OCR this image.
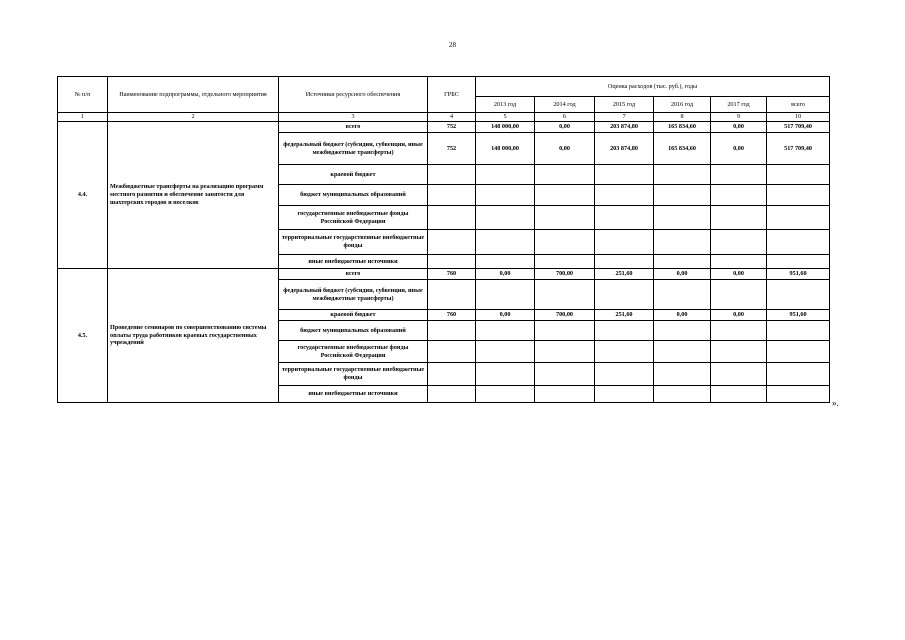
28
№ п/п	Наименование подпрограммы, отдельного мероприятия	Источники ресурсного обеспечения	ГРБС	Оценка расходов (тыс. руб.), годы					
				2013 год	2014 год	2015 год	2016 год	2017 год	всего
1	2	3	4	5	6	7	8	9	10
4.4.	Межбюджетные трансферты на реализацию программ местного развития и обеспечение занятости для шахтерских городов и поселков	всего	752	148 000,00	0,00	203 874,80	165 834,60	0,00	517 709,40
		федеральный бюджет (субсидии, субвенции, иные межбюджетные трансферты)	752	148 000,00	0,00	203 874,80	165 834,60	0,00	517 709,40
		краевой бюджет							
		бюджет муниципальных образований							
		государственные внебюджетные фонды Российской Федерации							
		территориальные государственные внебюджетные фонды							
		иные внебюджетные источники							
4.5.	Проведение семинаров по совершенствованию системы оплаты труда работников краевых государственных учреждений	всего	760	0,00	700,00	251,60	0,00	0,00	951,60
		федеральный бюджет (субсидии, субвенции, иные межбюджетные трансферты)							
		краевой бюджет	760	0,00	700,00	251,60	0,00	0,00	951,60
		бюджет муниципальных образований							
		государственные внебюджетные фонды Российской Федерации							
		территориальные государственные внебюджетные фонды							
		иные внебюджетные источники							
».
